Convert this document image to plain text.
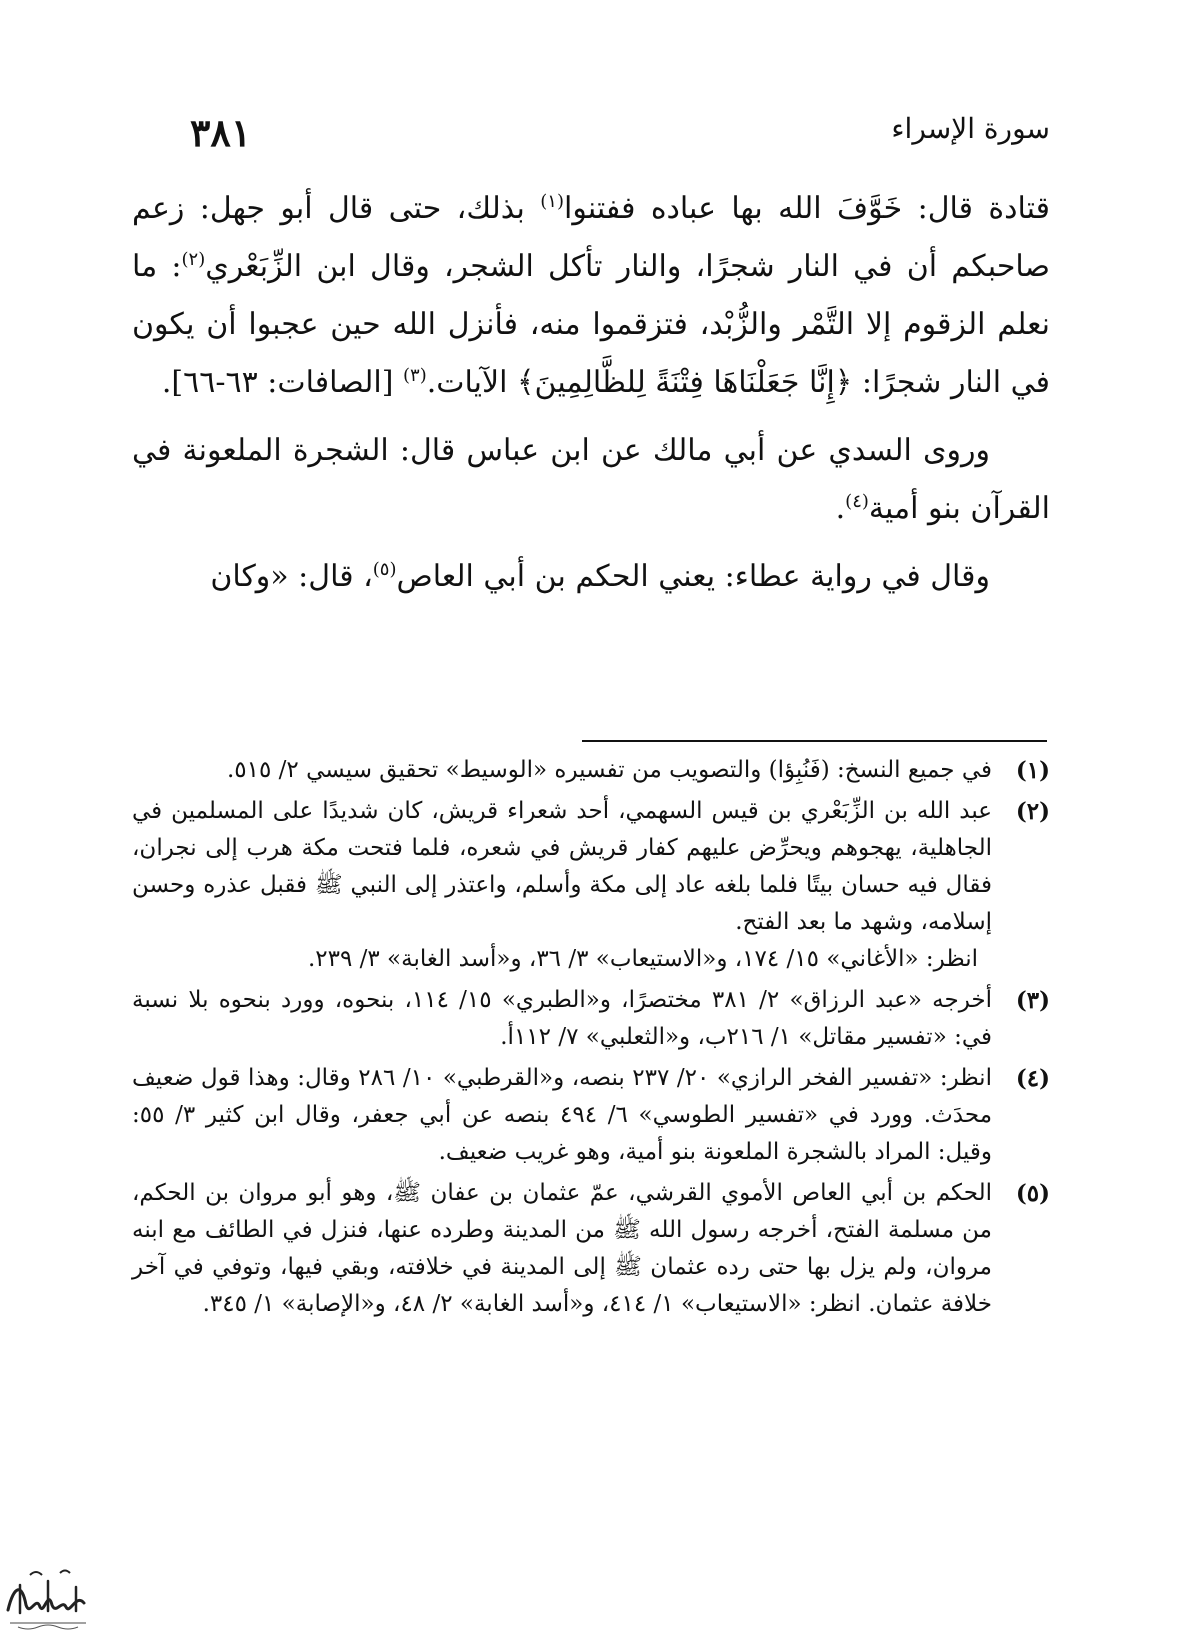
٣٨١	سورة الإسراء

قتادة قال: خَوَّفَ الله بها عباده ففتنوا$^{(١)}$ بذلك، حتى قال أبو جهل: زعم صاحبكم أن في النار شجرًا، والنار تأكل الشجر، وقال ابن الزِّبَعْري$^{(٢)}$: ما نعلم الزقوم إلا التَّمْر والزُّبْد، فتزقموا منه، فأنزل الله حين عجبوا أن يكون في النار شجرًا: ﴿إِنَّا جَعَلْنَاهَا فِتْنَةً لِلظَّالِمِينَ﴾ الآيات.$^{(٣)}$ [الصافات: ٦٣-٦٦].

وروى السدي عن أبي مالك عن ابن عباس قال: الشجرة الملعونة في القرآن بنو أمية$^{(٤)}$.

وقال في رواية عطاء: يعني الحكم بن أبي العاص$^{(٥)}$، قال: «وكان

(١)

في جميع النسخ: (فَنُبِؤا) والتصويب من تفسيره «الوسيط» تحقيق سيسي ٢/ ٥١٥.

(٢)

عبد الله بن الزِّبَعْري بن قيس السهمي، أحد شعراء قريش، كان شديدًا على المسلمين في الجاهلية، يهجوهم ويحرِّض عليهم كفار قريش في شعره، فلما فتحت مكة هرب إلى نجران، فقال فيه حسان بيتًا فلما بلغه عاد إلى مكة وأسلم، واعتذر إلى النبي ﷺ فقبل عذره وحسن إسلامه، وشهد ما بعد الفتح.

انظر: «الأغاني» ١٥/ ١٧٤، و«الاستيعاب» ٣/ ٣٦، و«أسد الغابة» ٣/ ٢٣٩.

(٣)

أخرجه «عبد الرزاق» ٢/ ٣٨١ مختصرًا، و«الطبري» ١٥/ ١١٤، بنحوه، وورد بنحوه بلا نسبة في: «تفسير مقاتل» ١/ ٢١٦ب، و«الثعلبي» ٧/ ١١٢أ.

(٤)

انظر: «تفسير الفخر الرازي» ٢٠/ ٢٣٧ بنصه، و«القرطبي» ١٠/ ٢٨٦ وقال: وهذا قول ضعيف محدَث. وورد في «تفسير الطوسي» ٦/ ٤٩٤ بنصه عن أبي جعفر، وقال ابن كثير ٣/ ٥٥: وقيل: المراد بالشجرة الملعونة بنو أمية، وهو غريب ضعيف.

(٥)

الحكم بن أبي العاص الأموي القرشي، عمّ عثمان بن عفان ﷺ، وهو أبو مروان بن الحكم، من مسلمة الفتح، أخرجه رسول الله ﷺ من المدينة وطرده عنها، فنزل في الطائف مع ابنه مروان، ولم يزل بها حتى رده عثمان ﷺ إلى المدينة في خلافته، وبقي فيها، وتوفي في آخر خلافة عثمان. انظر: «الاستيعاب» ١/ ٤١٤، و«أسد الغابة» ٢/ ٤٨، و«الإصابة» ١/ ٣٤٥.
